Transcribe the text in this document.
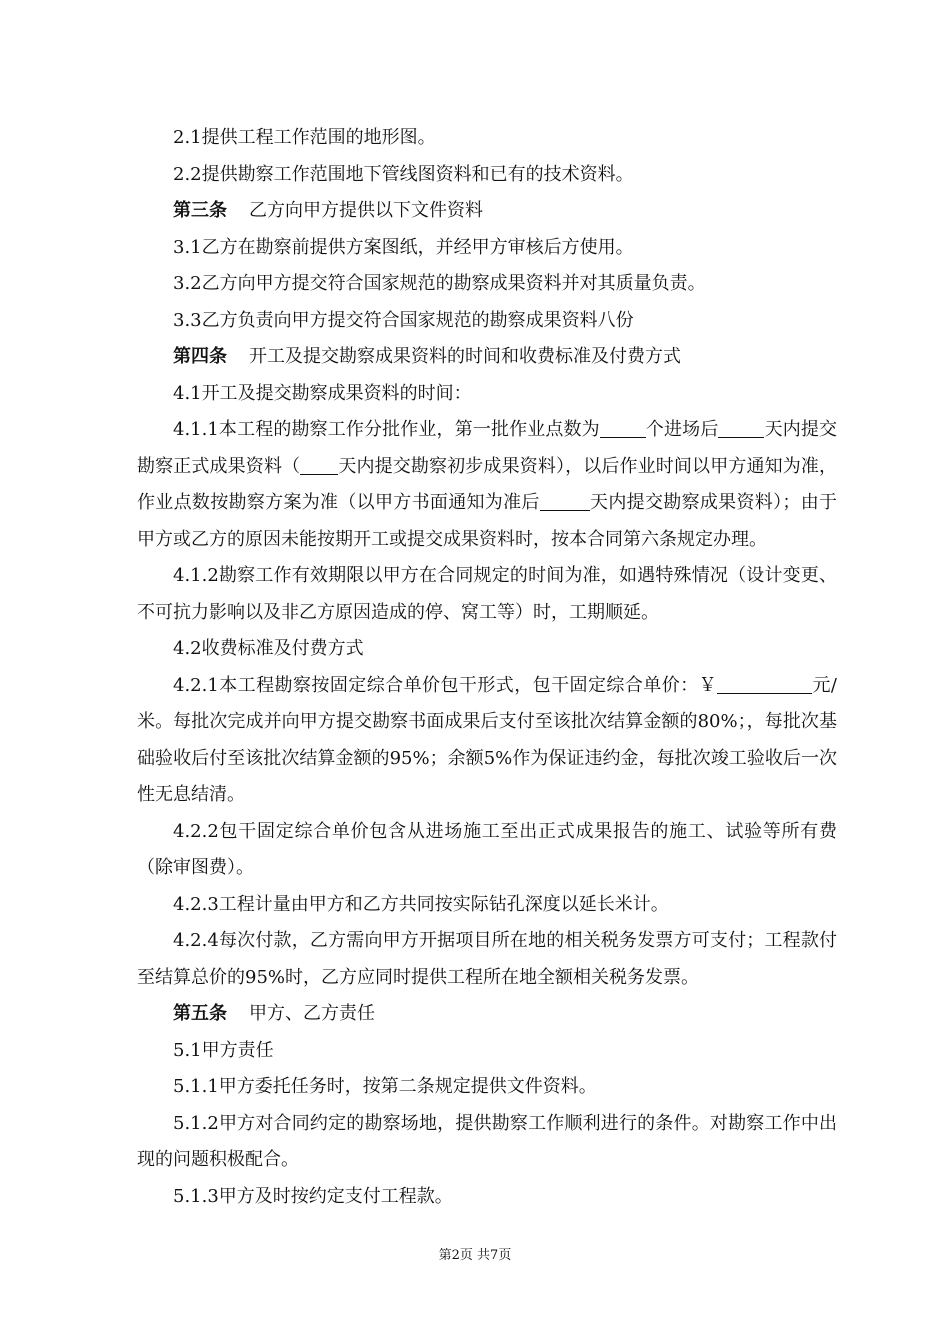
2.1提供工程工作范围的地形图。

2.2提供勘察工作范围地下管线图资料和已有的技术资料。

第三条 乙方向甲方提供以下文件资料

3.1乙方在勘察前提供方案图纸，并经甲方审核后方使用。

3.2乙方向甲方提交符合国家规范的勘察成果资料并对其质量负责。

3.3乙方负责向甲方提交符合国家规范的勘察成果资料八份

第四条 开工及提交勘察成果资料的时间和收费标准及付费方式

4.1开工及提交勘察成果资料的时间：

4.1.1本工程的勘察工作分批作业，第一批作业点数为	个进场后	天内提交勘察正式成果资料（ 天内提交勘察初步成果资料），以后作业时间以甲方通知为准，作业点数按勘察方案为准（以甲方书面通知为准后	天内提交勘察成果资料）；由于甲方或乙方的原因未能按期开工或提交成果资料时，按本合同第六条规定办理。

4.1.2勘察工作有效期限以甲方在合同规定的时间为准，如遇特殊情况（设计变更、不可抗力影响以及非乙方原因造成的停、窝工等）时，工期顺延。

4.2收费标准及付费方式

4.2.1本工程勘察按固定综合单价包干形式，包干固定综合单价：￥	元/米。每批次完成并向甲方提交勘察书面成果后支付至该批次结算金额的80%；，每批次基础验收后付至该批次结算金额的95%；余额5%作为保证违约金，每批次竣工验收后一次性无息结清。

4.2.2包干固定综合单价包含从进场施工至出正式成果报告的施工、试验等所有费（除审图费）。

4.2.3工程计量由甲方和乙方共同按实际钻孔深度以延长米计。

4.2.4每次付款，乙方需向甲方开据项目所在地的相关税务发票方可支付；工程款付至结算总价的95%时，乙方应同时提供工程所在地全额相关税务发票。

第五条 甲方、乙方责任

5.1甲方责任

5.1.1甲方委托任务时，按第二条规定提供文件资料。

5.1.2甲方对合同约定的勘察场地，提供勘察工作顺利进行的条件。对勘察工作中出现的问题积极配合。

5.1.3甲方及时按约定支付工程款。

第2页 共7页
